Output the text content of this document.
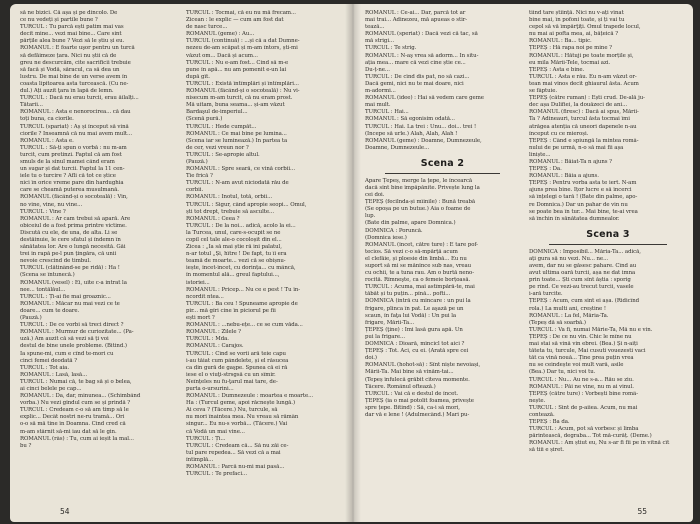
să ne bizici. Că așa și pe dincolo. De
ce nu vedeți și partile bune ?
TURCUL : Tu parcă ești patim mai vas
decit mine... vezi mai bine... Care sint
părțile alea bune ? Vezi să le știu și eu.
ROMÂNUL : E foarte uşor pentru un turcă
să defăimeze țara. Nici nu știi că de
greu ne descurcăm, cite sacrificii trebuie
să facă și Vodă, săracul, ca să dea un
lustru. De mai bine de un verse avem în
coasta lipitoarea asta turcească. (Cu ne-
dul.) Ați auzit ţara în lapă de lemn.
TURCUL : Dacă nu erau turcii, erau ăilalți...
Tătarii...
ROMÂNUL : Asta e nenorocirea... că dau
toți buna, ca ciorile.
TURCUL (spariat) : Aș și început să vină
ciorile ? Înseamnă că nu mai avem mult...
ROMÂNUL : Asta e.
TURCUL : Să-ți spun o vorbă : nu m-am
turcit, cum pretinzi. Faptul că am fost
smuls de la sinul mamei când eram
un sugar și dat turcii. Faptul la 11 cen-
iele tu o turcire ? Afli că tot ce știce
nici în orice vreme pare din hardughia
care se cheamă puterea musulmană.
ROMÂNUL (fâcând-și o socoteală) : Vin,
no vine, vine, nu vine...
TURCUL : Vine ?
ROMÂNUL : Ar cam trebui să apară. Are
obiceiul de a fost prima printre victime.
Discută cu ele, de una, de alta. Li se
destăinuie, le cere sfatul și îndemn în
sănătatea lor. Are o lungă necesită. Găi
trei în rapă pe-l pun țingăra, că unii
nevoie crescind de timbul.
TURCUL (clătinând-se pe ridă) : Ha !
(Scena se întunecă.)
ROMÂNUL (vesel) : Ei, uite c-a intrat la
nee... tontălăul...
TURCUL : Ți-ai fie mai groaznic...
ROMÂNUL : Măcar nu mai vezi ce te
doare... cum te doare.
(Pauză.)
TURCUL : De ce vorbi să treci direct ?
ROMÂNUL : Murmur de curiozitate... (Pa-
uză.) Am auzit că să vezi să ți voi
destul de bine unele probleme. (Bitind.)
Ia spune-mi, cum e cînd te-mori cu
cinci femei deodată ?
TURCUL : Tot aia.
ROMÂNUL : Lasă, lasă...
TURCUL : Numai că, te bag să și o belea,
ai cinci belele pe cap...
ROMÂNUL : Da, dar, minunea... (Schimbând
vorba.) Nu vezi gîndul cum se și prindă ?
TURCUL : Credeam c-o să am timp să le
explic... Decât nostri ne-ru tramă... Ori
o-o să mă tine în Doamna. Cind cred că
m-am stârnit să-mi iau dat să le gin.
ROMÂNUL (râs) : Tu, cum ai ieșit la mal...
bu ?
TURCUL : Tocmai, că eu nu mă frecam...
Zicean : le explic — cum am fost dat
de nasc turce...
ROMÂNUL (geme) : Au...
TURCUL (continuă) : ...și că a dat Dumne-
nezeu de-am scăpat și m-am întors, ști-mi
văzut om... Dacă și acum...
TURCUL : Nu e-am fost... Cind să m-e
pune în apă... nu am pomenit e-un lai
după gît.
TURCUL : Există întîmplări și întîmplări...
ROMÂNUL (fâcând-și o socoteală) : Nu vi-
nisecum m-am turcit, că nu eram prost.
Mă uitam, buna seama... și-am văzut
Bardaşul de-imperiul...
(Scenă pură.)
TURCUL : Hede cumpăt...
ROMÂNUL : Ce mai bine pe lumina...
(Scena iar se luminează.) În partea ta
de cer, vezi vreun nor ?
TURCUL : Se-apropie altul.
(Pauză.)
ROMÂNUL : Spre seară, ce vină corbii...
Tie frică ?
TURCUL : N-am avut niciodată rău de
corbii.
ROMÂNUL : Înotul, totă, orbii...
TURCUL : Sigur, când apropie seopi... Omul,
ști tot drept, trebuie să asculte...
ROMÂNUL : Ceea ?
TURCUL : De la noi... adică, acolo la ei...
la Turcea, unul, care-s-ocupit se ne
copil cel tale ale-o cocoloșit din el...
Zicea : „Ia să mai știe ră ini palatul,
n-ar totul „Și, hître ! De fapt, tu îi era
teamă de moarte... vezi că se obișnu-
iește, încet-încet, cu dorința... cu mâncă,
în momentul ală... greul faptului...,
istoriei...
ROMÂNUL : Pricep... Nu ce e pest ! Tu în-
ncordit ntea...
TURCUL : Ba ceu ! Spuneame apropie de
pir... mă gîri cine în piciorul pe fii
ești mort ?
ROMÂNUL : ...nebu-ețe... ce se cum văda...
ROMÂNUL : Zilele ?
TURCUL : Mda.
ROMÂNUL : Carajos.
TURCUL : Cînd se vorii ară teie capu
i-au tăiat cum pândelete, și el răsucea
ca din gură de gaşpe. Spunea că ei ră
iese el o viuţi-strsgsă cu un sîmir.
Neînțeles nu fu-ţarul mai tare, de-
purta o-ursurini...
ROMÂNUL : Dumnezeule : moartea e moarte...
Ha : (Turcul geme, apoi răcnește lungă.)
Ai ceva ? (Tăcere.) Nu, turcule, să
nu mori înaintea mea. Nu vreau să rămân
singur... Eu nu-s vorbă... (Tăcere.) Vai
că Vodă un mai vine...
TURCUL : Ți...
TURCUL : Credeam că... Să nu zăi ce-
tul pare repedea... Să vezi că a mai
întîmplă...
ROMÂNUL : Parcă nu-mi mai pasă...
TURCUL : Te prefaci...
54
ROMÂNUL : Ce-ai... Dar, parcă tot ar
mai trai... Adinezeu, mă apueas o stir-
tează...
ROMÂNUL (speriat) : Dacă vezi că tac, să
mă strigi...
TURCUL : Te strig.
ROMÂNUL : N-aş vrea să adorm... În situ-
ația mea... mare că vezi cine știe ce...
Du-ț-ne...
TURCUL : De cînd dis pat, no să cazi...
Dacă gemi, nici nu te mai doare, nici
m-adormi...
ROMÂNUL (idee) : Hai să vedem care geme
mai mult.
TURCUL : Hai...
ROMÂNUL : Să egonisim odată...
TURCUL : Hai. La trei : Unu... doi... trei !
(Incepe să urle.) Alah, Alah, Alah !
ROMÂNUL (geme) : Doamne, Dumnezeule,
Doamne, Dumnezeule...
Scena 2
Apare Țepeș, merge la țepe, le încearcă
dacă sînt bine împăpănite. Privește lung la
cei doi.
ȚEPEȘ (fecilnda-și mîinile) : Bună treabă
(Se opoșa pe un butue.) Aia o foame de
lup.
(Bate din palme, apare Domnica.)
DOMNICA : Poruncă.
(Domnica iese.)
ROMÂNUL (încet, către ture) : E tare pof-
tecios. Să vezi c-o să-mpărță acum
el clefăie, și ploesie din limbă... Eu nu
suport să mi se mănînce sub nas, vreau
cu ochii, te a tuna rau. Am o burtă neno-
rocită. Rîmneşte, ca o femeie borțoasă.
TURCUL : Acuma, mai astîmpără-te, mai
tăbăt și tu puțin... pînă... pofti...
DOMNICA (intră cu mîncare : un pui la
frigare, plinca în pat. Le aşază pe un
scaun, în faţa lui Vodă) : Un pui la
frigare, Mării-Ta...
ȚEPEȘ (ţine) : Imi lasă gura apă. Un
pui la frigare...
DOMNICA : Dioară, mîncicl tot aici ?
ȚEPEȘ : Tot. Aci, cu ei. (Arată spre cei
doi.)
ROMÂNUL (hohot-să) : Sînt niște nevoiași,
Mării-Ta. Mai bine să vinăm-tai...
(Tepeș înfulecă grăbit cîteva momente.
Tăcere. Românul oftează.)
TURCUL : Vai că e destul de încet.
ȚEPEȘ (ia o mai potolit foamea, privește
spre țepe. Bitind) : Să, ca-i să mori,
dar vă e lene ! (Adulmecând.) Mari pu-
tiind tare știință. Nici nu v-ați vînat
bine mai, în pofoni toate, și ți vai tu
cepol să vă împărţiți. Omul trapede locul,
nu mai ai pofta mea, ai, bățeică ?
ROMÂNUL : Ba... tipic.
ȚEPEȘ : Hă rapa noi pe mine ?
ROMÂNUL : Hătuji pe toate morțile și,
eu mila Mării-Tele, tocmai azi.
ȚEPEȘ : Asta e bine.
TURCUL : Asta e rău. Eu n-am văzut or-
tean mai vînos decît ghiaurul ăsta. Acum
se fâptuie.
ȚEPEȘ (către ruman) : Ești crud. De-ală ju-
dec așa Dulifiei, la douăzeci de ani...
ROMÂNUL (firesc) : Dacă ai spus, Mării-
Ta ? Adineauri, turcul ăsta tocmai îmi
atrăgea atenția că uneori dapenele n-au
început cu ce mieroși.
ȚEPEȘ : Când e spiungă la mintea româ-
nului de pe urmă, n-o să mai fii așa
liniște...
ROMÂNUL : Băiat-Ta n ajuns ?
ȚEPEȘ : Da.
ROMÂNUL : Băia a ajuns.
ȚEPEȘ : Pentru vorba asta te iert. N-am
ajuns prea bine. Ițor lucre e să încerci
să înțelegi o tară ! (Bate din palme, apo-
re Domnica.) Dar un pahar de vin nu
se poate bea în tur... Mai bine, te-ai vrea
să închin în sănătatea dumnealor.
Scena 3
DOMNICA : Imposibil... Măria-Ta... adică,
ați gura să nu vezi. Nu... ne...
avem, dar nu se găsesc pahare. Cînd au
avut ultima oară turcii, așa ne dat imna
prin toate... Ști cum sînt ăștia : sporig
pe rînd. Ce vezi-au trecut turcii, vasele
i-ară turcite.
ȚEPEȘ : Acum, cum sint ei așa. (Ridicînd
rola.) La multi ani, creștine !
ROMÂNUL : La fel, Măria-Ta.
(Tepeș dă să soarbă.)
TURCUL : Va fi, numai Mărie-Ta, Mă nu e vin.
ȚEPEȘ : De ce nu vin. Chic le mîne nu
mai stai să vină vin ebrei. (Bea.) Și n-aiți
tăteta tu, turcule, Mai cusuti vouezesti vaci
tăt ca vină nouă... Ține prea puțin vrea
nu se ceindește voi mult vară, asile
(Bea.) Dar tu, nici voi tu.
TURCUL : Nu... Au ne s-a... Rău se ziu.
ROMÂNUL : Păi ne vine, nu m ai vinul.
ȚEPEȘ (către ture) : Vorbești bine româ-
nește.
TURCUL : Sint de p-aiiea. Acum, nu mai
contează.
ȚEPEȘ : Ba da.
TURCUL : Acum, pot să vorbesc și limba
părintească, degraba... Tot mă-curăț. (Deme.)
ROMÂNUL : Am știut eu, Nu s-ar fi fii pe în vitnă cît
să tiii e șiret.
55
